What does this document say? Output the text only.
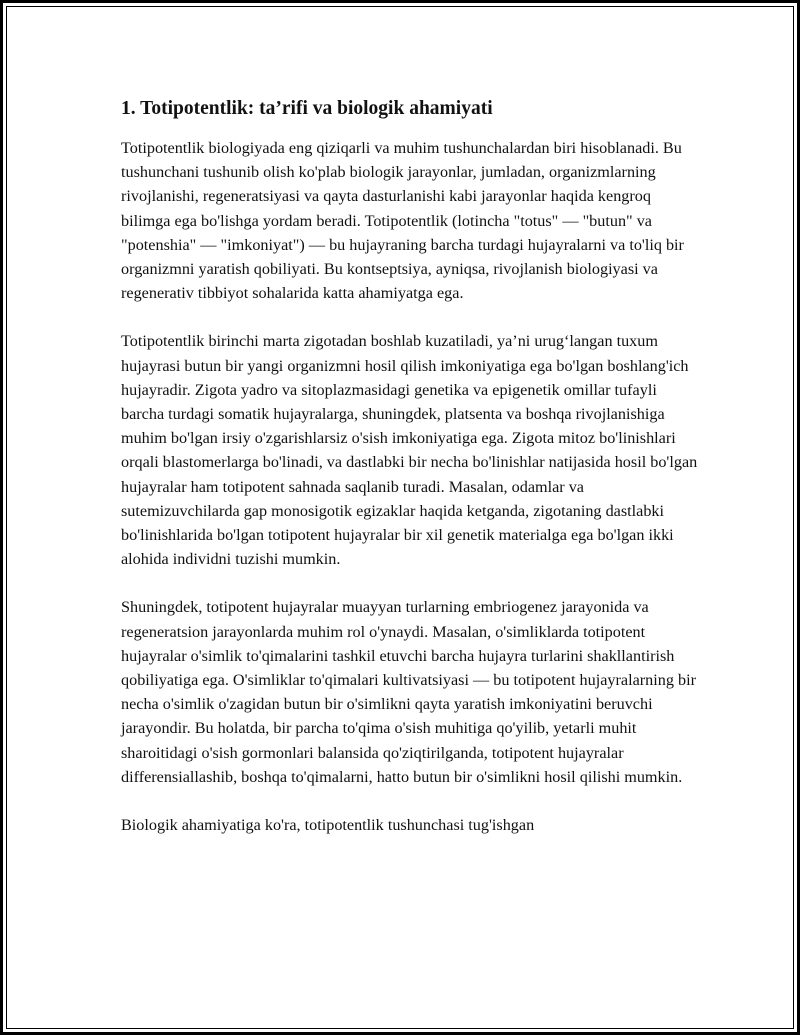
1. Totipotentlik: ta’rifi va biologik ahamiyati

Totipotentlik biologiyada eng qiziqarli va muhim tushunchalardan biri hisoblanadi. Bu tushunchani tushunib olish ko'plab biologik jarayonlar, jumladan, organizmlarning rivojlanishi, regeneratsiyasi va qayta dasturlanishi kabi jarayonlar haqida kengroq bilimga ega bo'lishga yordam beradi. Totipotentlik (lotincha "totus" — "butun" va "potenshia" — "imkoniyat") — bu hujayraning barcha turdagi hujayralarni va to'liq bir organizmni yaratish qobiliyati. Bu kontseptsiya, ayniqsa, rivojlanish biologiyasi va regenerativ tibbiyot sohalarida katta ahamiyatga ega.

Totipotentlik birinchi marta zigotadan boshlab kuzatiladi, ya’ni urug‘langan tuxum hujayrasi butun bir yangi organizmni hosil qilish imkoniyatiga ega bo'lgan boshlang'ich hujayradir. Zigota yadro va sitoplazmasidagi genetika va epigenetik omillar tufayli barcha turdagi somatik hujayralarga, shuningdek, platsenta va boshqa rivojlanishiga muhim bo'lgan irsiy o'zgarishlarsiz o'sish imkoniyatiga ega. Zigota mitoz bo'linishlari orqali blastomerlarga bo'linadi, va dastlabki bir necha bo'linishlar natijasida hosil bo'lgan hujayralar ham totipotent sahnada saqlanib turadi. Masalan, odamlar va sutemizuvchilarda gap monosigotik egizaklar haqida ketganda, zigotaning dastlabki bo'linishlarida bo'lgan totipotent hujayralar bir xil genetik materialga ega bo'lgan ikki alohida individni tuzishi mumkin.

Shuningdek, totipotent hujayralar muayyan turlarning embriogenez jarayonida va regeneratsion jarayonlarda muhim rol o'ynaydi. Masalan, o'simliklarda totipotent hujayralar o'simlik to'qimalarini tashkil etuvchi barcha hujayra turlarini shakllantirish qobiliyatiga ega. O'simliklar to'qimalari kultivatsiyasi — bu totipotent hujayralarning bir necha o'simlik o'zagidan butun bir o'simlikni qayta yaratish imkoniyatini beruvchi jarayondir. Bu holatda, bir parcha to'qima o'sish muhitiga qo'yilib, yetarli muhit sharoitidagi o'sish gormonlari balansida qo'ziqtirilganda, totipotent hujayralar differensiallashib, boshqa to'qimalarni, hatto butun bir o'simlikni hosil qilishi mumkin.

Biologik ahamiyatiga ko'ra, totipotentlik tushunchasi tug'ishgan
